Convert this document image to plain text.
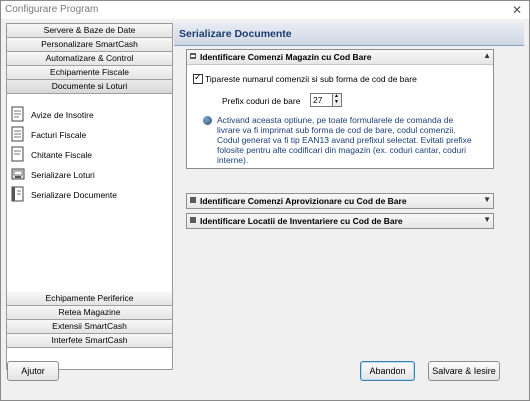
Configurare Program	✕
Servere & Baze de Date
Personalizare SmartCash
Automatizare & Control
Echipamente Fiscale
Documente si Loturi
Avize de Insotire
Facturi Fiscale
Chitante Fiscale
Serializare Loturi
Serializare Documente
Echipamente Periferice
Retea Magazine
Extensii SmartCash
Interfete SmartCash
Serializare Documente
Identificare Comenzi Magazin cu Cod Bare	▲
✓
Tipareste numarul comenzii si sub forma de cod de bare
Prefix coduri de bare 27 ▲
▼
Activand aceasta optiune, pe toate formularele de comanda de
livrare va fi imprimat sub forma de cod de bare, codul comenzii.
Codul generat va fi tip EAN13 avand prefixul selectat. Evitati prefixe
folosite pentru alte codificari din magazin (ex. coduri cantar, coduri
interne).
Identificare Comenzi Aprovizionare cu Cod de Bare	▼
Identificare Locatii de Inventariere cu Cod de Bare	▼
Ajutor	Abandon	Salvare & Iesire
